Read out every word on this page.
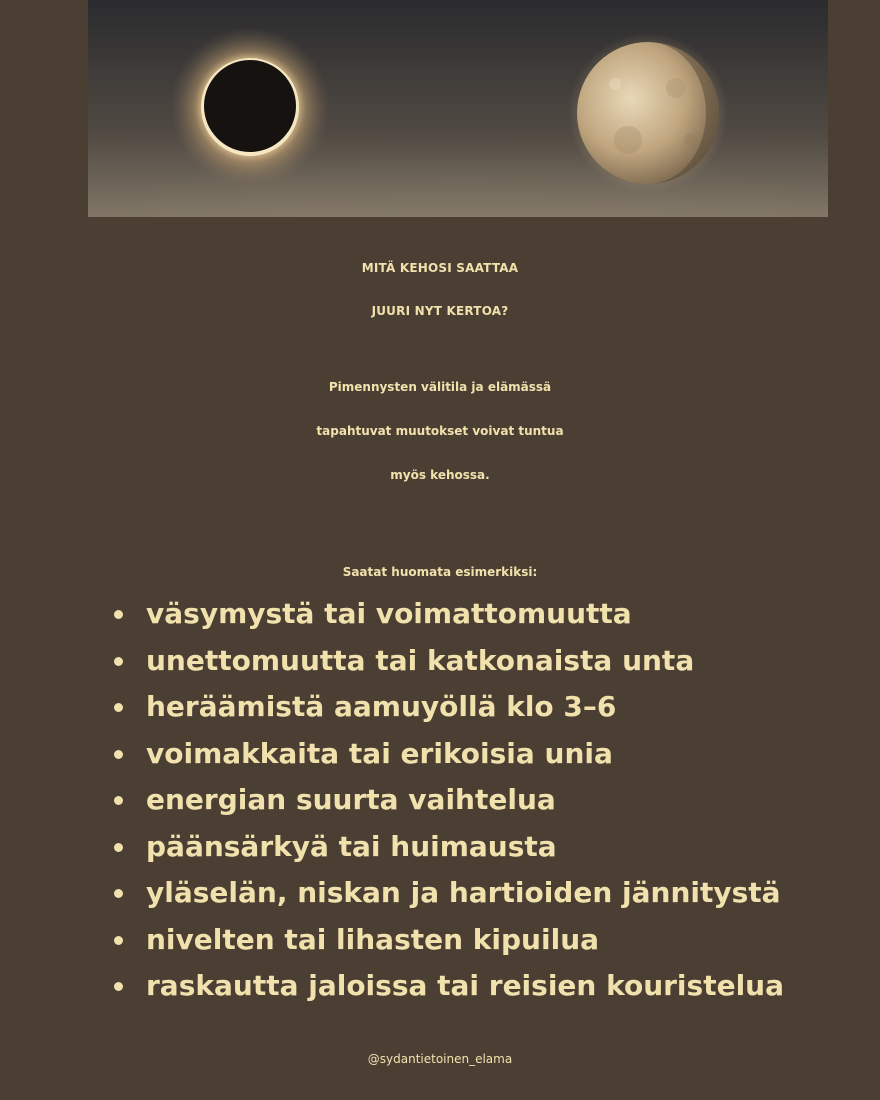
MITÄ KEHOSI SAATTAA
JUURI NYT KERTOA?
Pimennysten välitila ja elämässä
tapahtuvat muutokset voivat tuntua
myös kehossa.
Saatat huomata esimerkiksi:
väsymystä tai voimattomuutta
unettomuutta tai katkonaista unta
heräämistä aamuyöllä klo 3–6
voimakkaita tai erikoisia unia
energian suurta vaihtelua
päänsärkyä tai huimausta
yläselän, niskan ja hartioiden jännitystä
nivelten tai lihasten kipuilua
raskautta jaloissa tai reisien kouristelua
@sydantietoinen_elama
